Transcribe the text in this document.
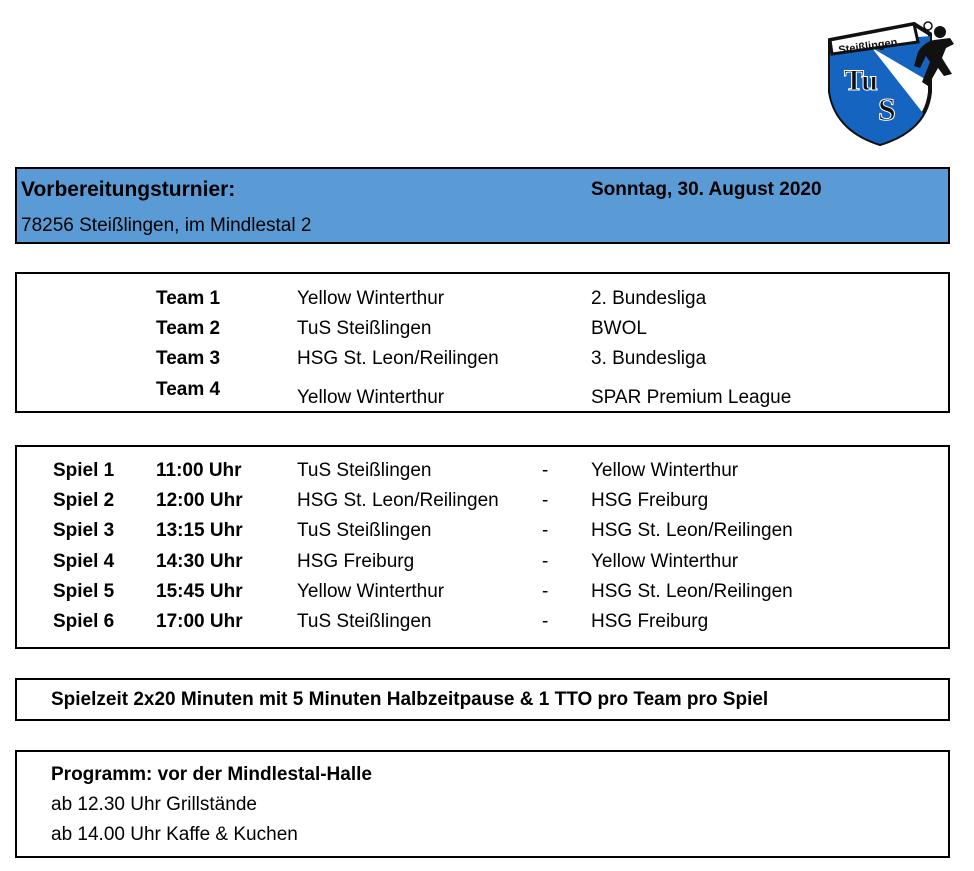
Steißlingen
Tu
S
Vorbereitungsturnier:	Sonntag, 30. August 2020
78256 Steißlingen, im Mindlestal 2
Team 1	Yellow Winterthur	2. Bundesliga
Team 2	TuS Steißlingen	BWOL
Team 3	HSG St. Leon/Reilingen	3. Bundesliga
Team 4	Yellow Winterthur	SPAR Premium League
Spiel 1 11:00 Uhr	TuS Steißlingen	- Yellow Winterthur
Spiel 2 12:00 Uhr	HSG St. Leon/Reilingen - HSG Freiburg
Spiel 3 13:15 Uhr	TuS Steißlingen	- HSG St. Leon/Reilingen
Spiel 4 14:30 Uhr	HSG Freiburg	- Yellow Winterthur
Spiel 5 15:45 Uhr	Yellow Winterthur	- HSG St. Leon/Reilingen
Spiel 6 17:00 Uhr	TuS Steißlingen	- HSG Freiburg
Spielzeit 2x20 Minuten mit 5 Minuten Halbzeitpause & 1 TTO pro Team pro Spiel
Programm: vor der Mindlestal-Halle
ab 12.30 Uhr Grillstände
ab 14.00 Uhr Kaffe & Kuchen
